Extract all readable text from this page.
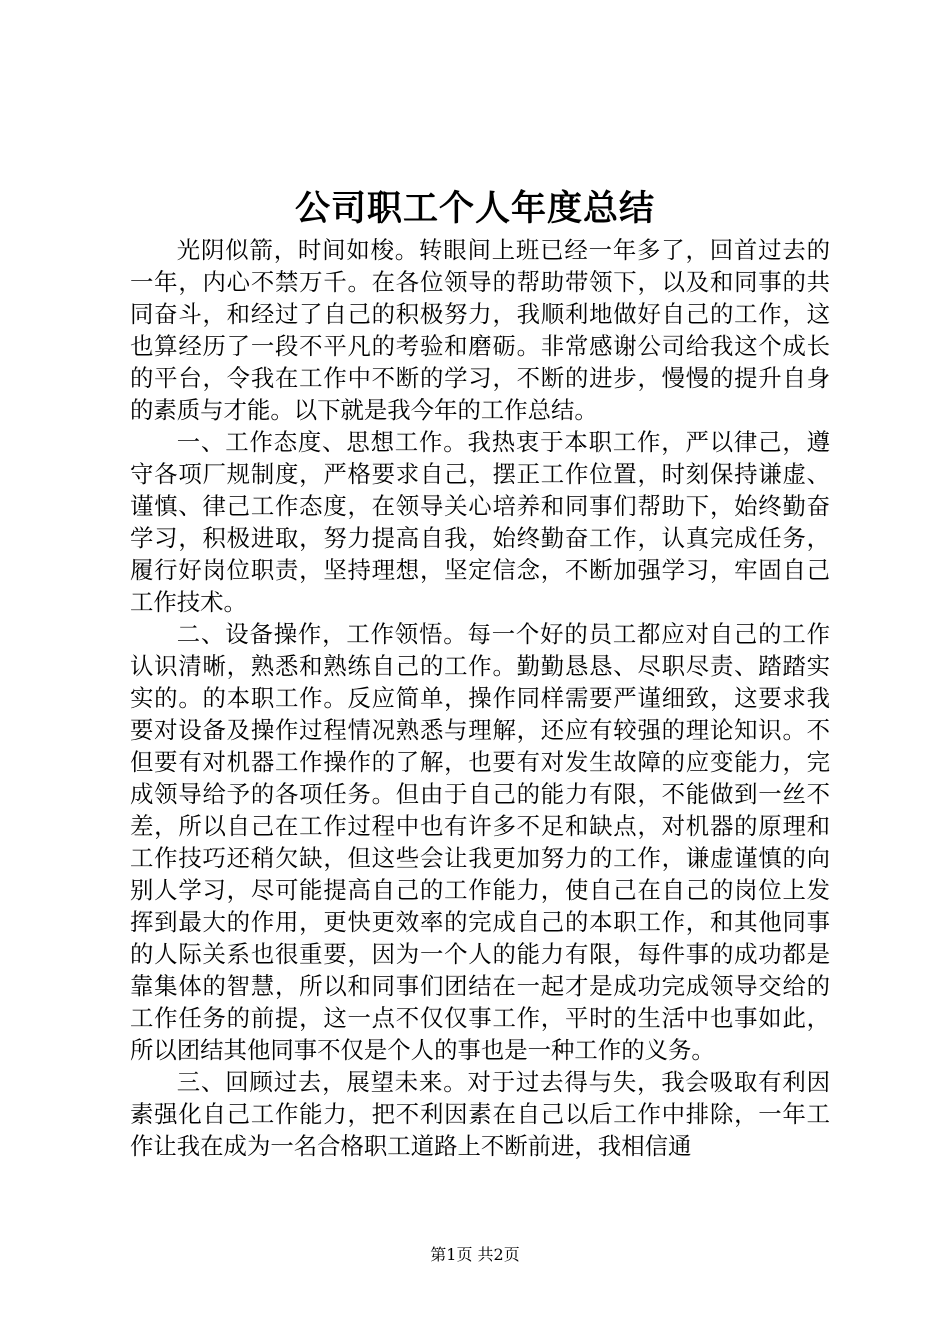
公司职工个人年度总结

光阴似箭，时间如梭。转眼间上班已经一年多了，回首过去的一年，内心不禁万千。在各位领导的帮助带领下，以及和同事的共同奋斗，和经过了自己的积极努力，我顺利地做好自己的工作，这也算经历了一段不平凡的考验和磨砺。非常感谢公司给我这个成长的平台，令我在工作中不断的学习，不断的进步，慢慢的提升自身的素质与才能。以下就是我今年的工作总结。

一、工作态度、思想工作。我热衷于本职工作，严以律己，遵守各项厂规制度，严格要求自己，摆正工作位置，时刻保持谦虚、谨慎、律己工作态度，在领导关心培养和同事们帮助下，始终勤奋学习，积极进取，努力提高自我，始终勤奋工作，认真完成任务，履行好岗位职责，坚持理想，坚定信念，不断加强学习，牢固自己工作技术。

二、设备操作，工作领悟。每一个好的员工都应对自己的工作认识清晰，熟悉和熟练自己的工作。勤勤恳恳、尽职尽责、踏踏实实的。的本职工作。反应简单，操作同样需要严谨细致，这要求我要对设备及操作过程情况熟悉与理解，还应有较强的理论知识。不但要有对机器工作操作的了解，也要有对发生故障的应变能力，完成领导给予的各项任务。但由于自己的能力有限，不能做到一丝不差，所以自己在工作过程中也有许多不足和缺点，对机器的原理和工作技巧还稍欠缺，但这些会让我更加努力的工作，谦虚谨慎的向别人学习，尽可能提高自己的工作能力，使自己在自己的岗位上发挥到最大的作用，更快更效率的完成自己的本职工作，和其他同事的人际关系也很重要，因为一个人的能力有限，每件事的成功都是靠集体的智慧，所以和同事们团结在一起才是成功完成领导交给的工作任务的前提，这一点不仅仅事工作，平时的生活中也事如此，所以团结其他同事不仅是个人的事也是一种工作的义务。

三、回顾过去，展望未来。对于过去得与失，我会吸取有利因素强化自己工作能力，把不利因素在自己以后工作中排除，一年工作让我在成为一名合格职工道路上不断前进，我相信通

第1页 共2页
